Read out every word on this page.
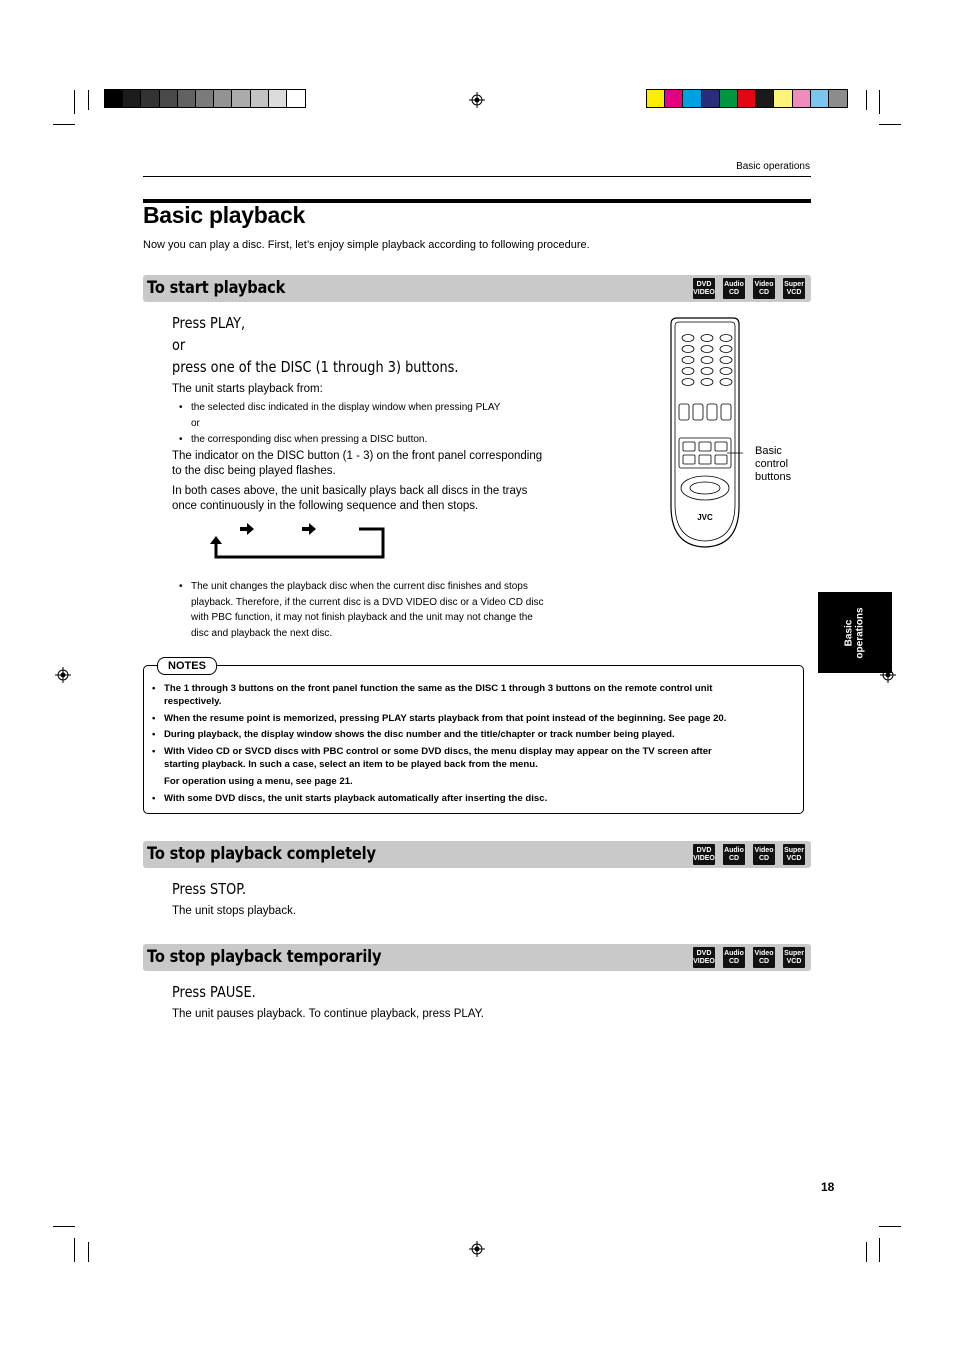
Basic operations
Basic playback
Now you can play a disc. First, let’s enjoy simple playback according to following procedure.
To start playback	DVD
VIDEO
Audio
CD
Video
CD
Super
VCD
Press PLAY,
or
press one of the DISC (1 through 3) buttons.
The unit starts playback from:
• the selected disc indicated in the display window when pressing PLAY
or
• the corresponding disc when pressing a DISC button.
The indicator on the DISC button (1 - 3) on the front panel corresponding
to the disc being played flashes.
In both cases above, the unit basically plays back all discs in the trays
once continuously in the following sequence and then stops.
JVC
Basic
control
buttons
• The unit changes the playback disc when the current disc finishes and stops
playback. Therefore, if the current disc is a DVD VIDEO disc or a Video CD disc
with PBC function, it may not finish playback and the unit may not change the
disc and playback the next disc.
NOTES
• The 1 through 3 buttons on the front panel function the same as the DISC 1 through 3 buttons on the remote control unit
respectively.
• When the resume point is memorized, pressing PLAY starts playback from that point instead of the beginning. See page 20.
• During playback, the display window shows the disc number and the title/chapter or track number being played.
• With Video CD or SVCD discs with PBC control or some DVD discs, the menu display may appear on the TV screen after
starting playback. In such a case, select an item to be played back from the menu.
For operation using a menu, see page 21.
• With some DVD discs, the unit starts playback automatically after inserting the disc.
Basic
operations
To stop playback completely	DVD
VIDEO
Audio
CD
Video
CD
Super
VCD
Press STOP.
The unit stops playback.
To stop playback temporarily	DVD
VIDEO
Audio
CD
Video
CD
Super
VCD
Press PAUSE.
The unit pauses playback. To continue playback, press PLAY.
18
